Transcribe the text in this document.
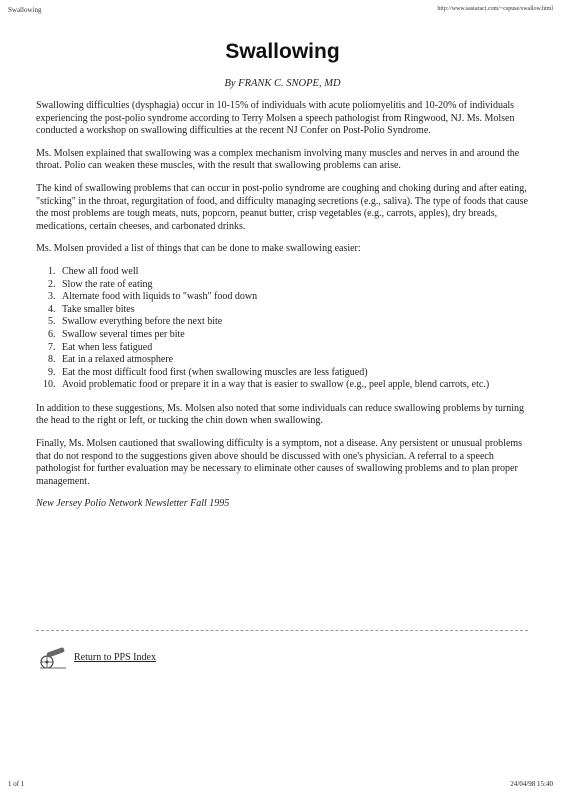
Swallowing	http://www.sastaract.com/~cspuse/swallow.html
Swallowing
By FRANK C. SNOPE, MD

Swallowing difficulties (dysphagia) occur in 10-15% of individuals with acute poliomyelitis and 10-20% of individuals experiencing the post-polio syndrome according to Terry Molsen a speech pathologist from Ringwood, NJ. Ms. Molsen conducted a workshop on swallowing difficulties at the recent NJ Confer on Post-Polio Syndrome.

Ms. Molsen explained that swallowing was a complex mechanism involving many muscles and nerves in and around the throat. Polio can weaken these muscles, with the result that swallowing problems can arise.

The kind of swallowing problems that can occur in post-polio syndrome are coughing and choking during and after eating, "sticking" in the throat, regurgitation of food, and difficulty managing secretions (e.g., saliva). The type of foods that cause the most problems are tough meats, nuts, popcorn, peanut butter, crisp vegetables (e.g., carrots, apples), dry breads, medications, certain cheeses, and carbonated drinks.

Ms. Molsen provided a list of things that can be done to make swallowing easier:

1. Chew all food well
2. Slow the rate of eating
3. Alternate food with liquids to "wash" food down
4. Take smaller bites
5. Swallow everything before the next bite
6. Swallow several times per bite
7. Eat when less fatigued
8. Eat in a relaxed atmosphere
9. Eat the most difficult food first (when swallowing muscles are less fatigued)
10. Avoid problematic food or prepare it in a way that is easier to swallow (e.g., peel apple, blend carrots, etc.)

In addition to these suggestions, Ms. Molsen also noted that some individuals can reduce swallowing problems by turning the head to the right or left, or tucking the chin down when swallowing.

Finally, Ms. Molsen cautioned that swallowing difficulty is a symptom, not a disease. Any persistent or unusual problems that do not respond to the suggestions given above should be discussed with one's physician. A referral to a speech pathologist for further evaluation may be necessary to eliminate other causes of swallowing problems and to plan proper management.

New Jersey Polio Network Newsletter Fall 1995

Return to PPS Index
1 of 1	24/04/98 15:40
